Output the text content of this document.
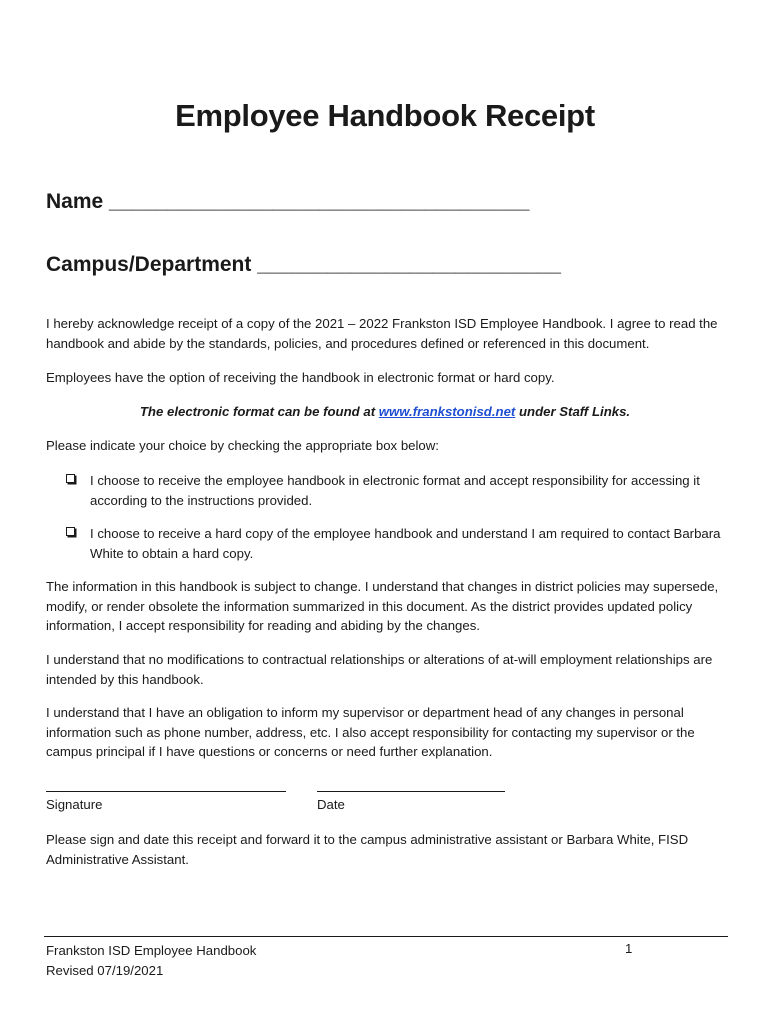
Employee Handbook Receipt
Name ____________________________________
Campus/Department __________________________
I hereby acknowledge receipt of a copy of the 2021 – 2022 Frankston ISD Employee Handbook. I agree to read the handbook and abide by the standards, policies, and procedures defined or referenced in this document.
Employees have the option of receiving the handbook in electronic format or hard copy.
The electronic format can be found at www.frankstonisd.net under Staff Links.
Please indicate your choice by checking the appropriate box below:
I choose to receive the employee handbook in electronic format and accept responsibility for accessing it according to the instructions provided.
I choose to receive a hard copy of the employee handbook and understand I am required to contact Barbara White to obtain a hard copy.
The information in this handbook is subject to change. I understand that changes in district policies may supersede, modify, or render obsolete the information summarized in this document. As the district provides updated policy information, I accept responsibility for reading and abiding by the changes.
I understand that no modifications to contractual relationships or alterations of at-will employment relationships are intended by this handbook.
I understand that I have an obligation to inform my supervisor or department head of any changes in personal information such as phone number, address, etc. I also accept responsibility for contacting my supervisor or the campus principal if I have questions or concerns or need further explanation.
Signature	Date
Please sign and date this receipt and forward it to the campus administrative assistant or Barbara White, FISD Administrative Assistant.
Frankston ISD Employee Handbook
Revised 07/19/2021
1
